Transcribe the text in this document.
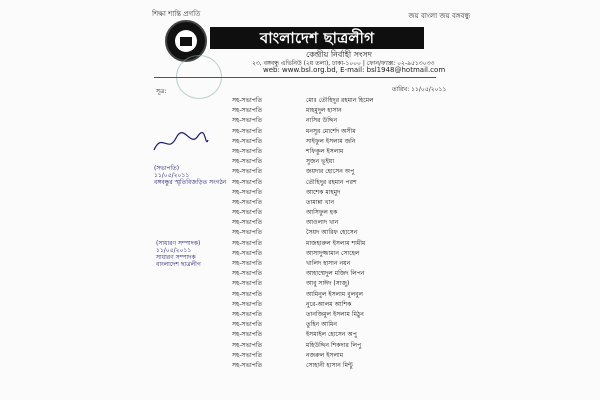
শিক্ষা শান্তি প্রগতি	জয় বাংলা জয় বঙ্গবন্ধু
বাংলাদেশ ছাত্রলীগ
কেন্দ্রীয় নির্বাহী সংসদ
২৩, বঙ্গবন্ধু এভিনিউ (২য় তলা), ঢাকা-১০০০ | ফোন/ফ্যাক্স: ০২-৯৫১৩০৩৩
web: www.bsl.org.bd, E-mail: bsl1948@hotmail.com
সূত্র:	তারিখ: ১১/০৫/২০১১
(সভাপতি)
১১/০৫/২০১১
বঙ্গবন্ধুর স্মৃতিবিজড়িত সংগঠন
(সাধারণ সম্পাদক)
১১/০৫/২০১১
সাধারণ সম্পাদক
বাংলাদেশ ছাত্রলীগ
সহ-সভাপতি	মোঃ তৌহিদুর রহমান হিমেল
সহ-সভাপতি	মাহমুদুল হাসান
সহ-সভাপতি	নাসির উদ্দিন
সহ-সভাপতি	মনসুর মোর্শেদ অসীম
সহ-সভাপতি	সাইফুল ইসলাম জনি
সহ-সভাপতি	শফিকুল ইসলাম
সহ-সভাপতি	সুজন ভূইয়া
সহ-সভাপতি	জয়দার হোসেন অপু
সহ-সভাপতি	তৌহিদুর রহমান পরশ
সহ-সভাপতি	আশেক মাহমুদ
সহ-সভাপতি	তামান্না খান
সহ-সভাপতি	আসিফুল হক
সহ-সভাপতি	আওলাদ খান
সহ-সভাপতি	সৈয়দ আরিফ হোসেন
সহ-সভাপতি	মাজহারুল ইসলাম শামীম
সহ-সভাপতি	আসাদুজ্জামান সোহেল
সহ-সভাপতি	খালিদ হাসান নয়ন
সহ-সভাপতি	আহাম্মেদুল মজিদ লিপন
সহ-সভাপতি	আবু সাঈদ (সাজু)
সহ-সভাপতি	আমিনুল ইসলাম বুলবুল
সহ-সভাপতি	নুরে-আলম আশিক
সহ-সভাপতি	তানজিমুল ইসলাম মিঠুন
সহ-সভাপতি	তুহিন আমিন
সহ-সভাপতি	ইসমাইল হোসেন অপু
সহ-সভাপতি	মহিউদ্দিন শিকদার লিপু
সহ-সভাপতি	নজরুল ইসলাম
সহ-সভাপতি	সোহানী হাসান মিন্টু
